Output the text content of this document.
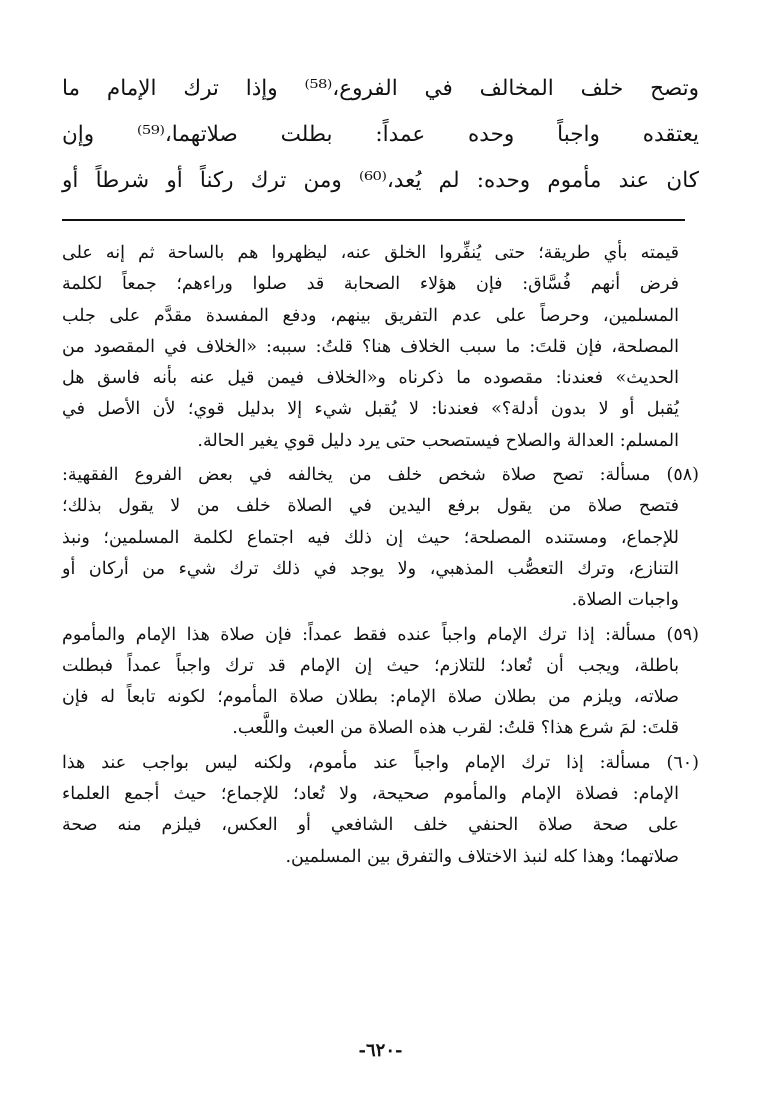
وتصح خلف المخالف في الفروع،⁽⁵⁸⁾ وإذا ترك الإمام ما
يعتقده واجباً وحده عمداً: بطلت صلاتهما،⁽⁵⁹⁾ وإن
كان عند مأموم وحده: لم يُعد،⁽⁶⁰⁾ ومن ترك ركناً أو شرطاً أو
قيمته بأي طريقة؛ حتى يُنفِّروا الخلق عنه، ليظهروا هم بالساحة ثم إنه على
فرض أنهم فُسَّاق: فإن هؤلاء الصحابة قد صلوا وراءهم؛ جمعاً لكلمة
المسلمين، وحرصاً على عدم التفريق بينهم، ودفع المفسدة مقدَّم على جلب
المصلحة، فإن قلتَ: ما سبب الخلاف هنا؟ قلتُ: سببه: «الخلاف في المقصود من
الحديث» فعندنا: مقصوده ما ذكرناه و«الخلاف فيمن قيل عنه بأنه فاسق هل
يُقبل أو لا بدون أدلة؟» فعندنا: لا يُقبل شيء إلا بدليل قوي؛ لأن الأصل في
المسلم: العدالة والصلاح فيستصحب حتى يرد دليل قوي يغير الحالة.
(٥٨) مسألة: تصح صلاة شخص خلف من يخالفه في بعض الفروع الفقهية:
فتصح صلاة من يقول برفع اليدين في الصلاة خلف من لا يقول بذلك؛
للإجماع، ومستنده المصلحة؛ حيث إن ذلك فيه اجتماع لكلمة المسلمين؛ ونبذ
التنازع، وترك التعصُّب المذهبي، ولا يوجد في ذلك ترك شيء من أركان أو
واجبات الصلاة.
(٥٩) مسألة: إذا ترك الإمام واجباً عنده فقط عمداً: فإن صلاة هذا الإمام والمأموم
باطلة، ويجب أن تُعاد؛ للتلازم؛ حيث إن الإمام قد ترك واجباً عمداً فبطلت
صلاته، ويلزم من بطلان صلاة الإمام: بطلان صلاة المأموم؛ لكونه تابعاً له فإن
قلتَ: لمَ شرع هذا؟ قلتُ: لقرب هذه الصلاة من العبث واللَّعب.
(٦٠) مسألة: إذا ترك الإمام واجباً عند مأموم، ولكنه ليس بواجب عند هذا
الإمام: فصلاة الإمام والمأموم صحيحة، ولا تُعاد؛ للإجماع؛ حيث أجمع العلماء
على صحة صلاة الحنفي خلف الشافعي أو العكس، فيلزم منه صحة
صلاتهما؛ وهذا كله لنبذ الاختلاف والتفرق بين المسلمين.
-٦٢٠-
